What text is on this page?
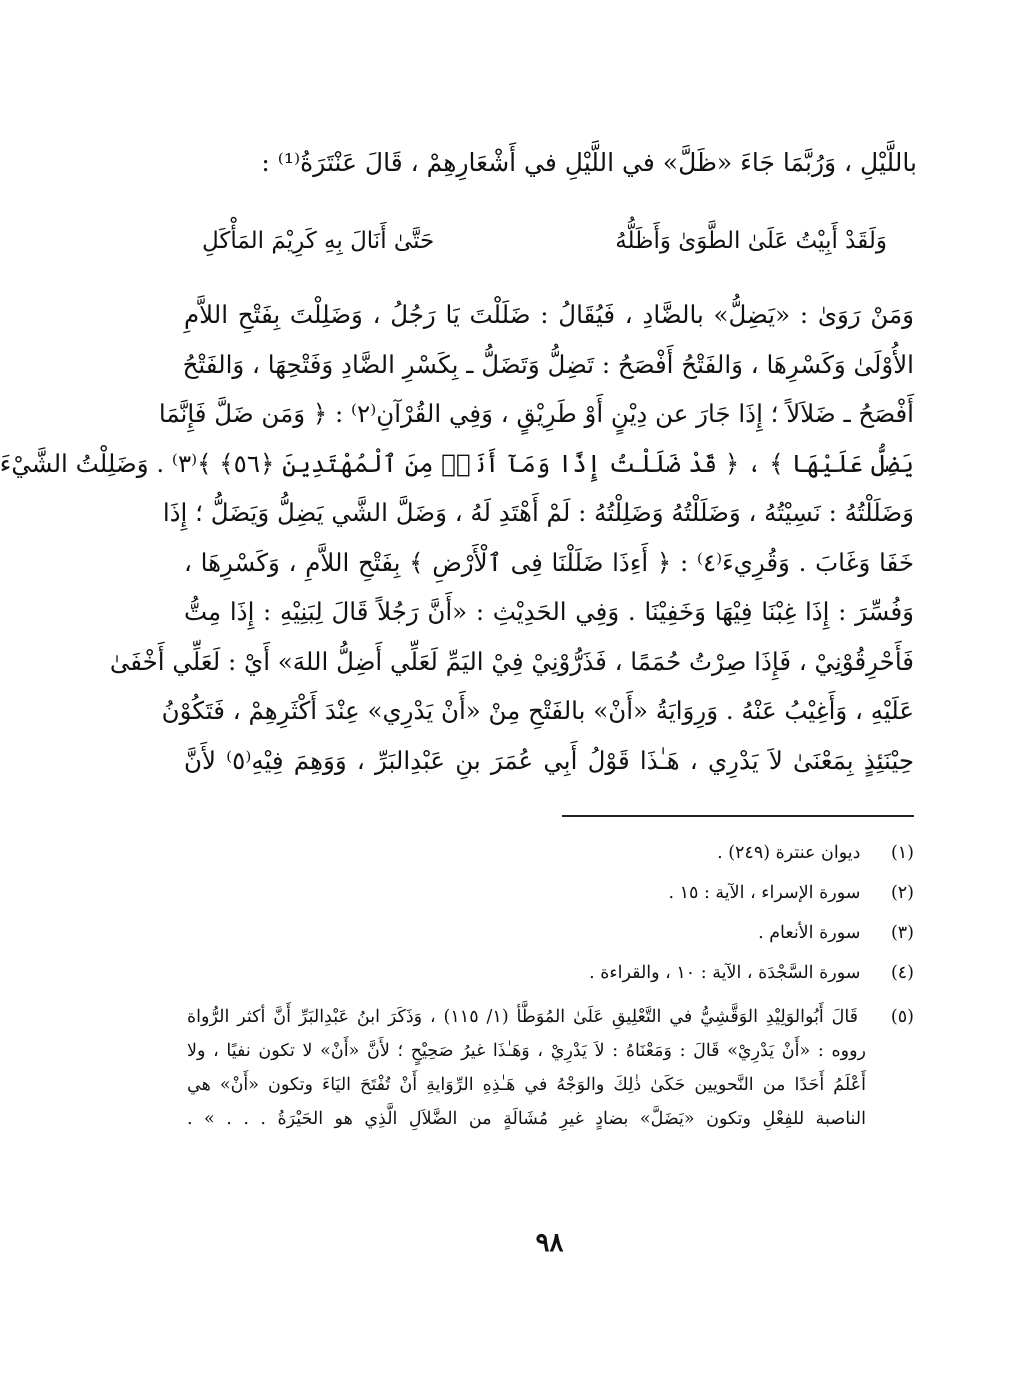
باللَّيْلِ ، وَرُبَّمَا جَاءَ «ظَلَّ» في اللَّيْلِ في أَشْعَارِهِمْ ، قَالَ عَنْتَرَةُ⁽¹⁾ :
وَلَقَدْ أَبِيْتُ عَلَىٰ الطَّوَىٰ وَأَظَلُّهُ
حَتَّىٰ أَنَالَ بِهِ كَرِيْمَ المَأْكَلِ
وَمَنْ رَوَىٰ : «يَضِلُّ» بالضَّادِ ، فَيُقَالُ : ضَلَلْتَ يَا رَجُلُ ، وَضَلِلْتَ بِفَتْحِ اللاَّمِ
الأُوْلَىٰ وَكَسْرِهَا ، وَالفَتْحُ أَفْصَحُ : تَضِلُّ وَتَضَلُّ ـ بِكَسْرِ الضَّادِ وَفَتْحِهَا ، وَالفَتْحُ
أَفْصَحُ ـ ضَلاَلاً ؛ إِذَا جَارَ عن دِيْنٍ أَوْ طَرِيْقٍ ، وَفِي القُرْآنِ⁽٢⁾ : ﴿ وَمَن ضَلَّ فَإِنَّمَا
يَضِلُّ عَلَيْهَا ﴾ ، ﴿ قَدْ ضَلَلْتُ إِذًا وَمَآ أَنَا۠ مِنَ ٱلْمُهْتَدِينَ ﴿٥٦﴾ ﴾⁽٣⁾ . وَضَلِلْتُ الشَّيْءَ
وَضَلَلْتُهُ : نَسِيْتُهُ ، وَضَلَلْتُهُ وَضَلِلْتُهُ : لَمْ أَهْتَدِ لَهُ ، وَضَلَّ الشَّي يَضِلُّ وَيَضَلُّ ؛ إِذَا
خَفَا وَغَابَ . وَقُرِيءَ⁽٤⁾ : ﴿ أَءِذَا ضَلَلْنَا فِى ٱلْأَرْضِ ﴾ بِفَتْحِ اللاَّمِ ، وَكَسْرِهَا ،
وَفُسِّرَ : إِذَا غِبْنَا فِيْهَا وَخَفِيْنَا . وَفِي الحَدِيْثِ : «أَنَّ رَجُلاً قَالَ لِبَنِيْهِ : إِذَا مِتُّ
فَأَحْرِقُوْنِيْ ، فَإِذَا صِرْتُ حُمَمًا ، فَذَرُّوْنِيْ فِيْ اليَمِّ لَعَلِّي أَضِلُّ اللهَ» أَيْ : لَعَلِّي أَخْفَىٰ
عَلَيْهِ ، وَأَغِيْبُ عَنْهُ . وَرِوَايَةُ «أَنْ» بالفَتْحِ مِنْ «أَنْ يَدْرِي» عِنْدَ أَكْثَرِهِمْ ، فَتَكُوْنُ
حِيْنَئِذٍ بِمَعْنَىٰ لاَ يَدْرِي ، هَـٰذَا قَوْلُ أَبِي عُمَرَ بنِ عَبْدِالبَرِّ ، وَوَهِمَ فِيْهِ⁽٥⁾ لأَنَّ
(١) ديوان عنترة (٢٤٩) .
(٢) سورة الإسراء ، الآية : ١٥ .
(٣) سورة الأنعام .
(٤) سورة السَّجْدَة ، الآية : ١٠ ، والقراءة .
(٥) قَالَ أَبُوالوَلِيْدِ الوَقَّشِيُّ في التَّعْلِيقِ عَلَىٰ المُوَطَّأ (١/ ١١٥) ، وَذَكَرَ ابنُ عَبْدِالبَرِّ أَنَّ أكثر الرُّواة
رووه : «أَنْ يَدْرِيْ» قَالَ : وَمَعْنَاهُ : لاَ يَدْرِيْ ، وَهَـٰذَا غيرُ صَحِيْحٍ ؛ لأَنَّ «أَنْ» لا تكون نفيًا ، ولا
أَعْلَمُ أَحَدًا من النَّحويين حَكَىٰ ذٰلِكَ والوَجْهُ في هَـٰذِهِ الرِّوَايةِ أَنْ تُفْتَحَ اليَاءَ وتكون «أَنْ» هي
الناصبة للفِعْلِ وتكون «يَضَلَّ» بضادٍ غيرِ مُشَالَةٍ من الضَّلاَلِ الَّذِي هو الحَيْرَةُ . . . » .
٩٨
